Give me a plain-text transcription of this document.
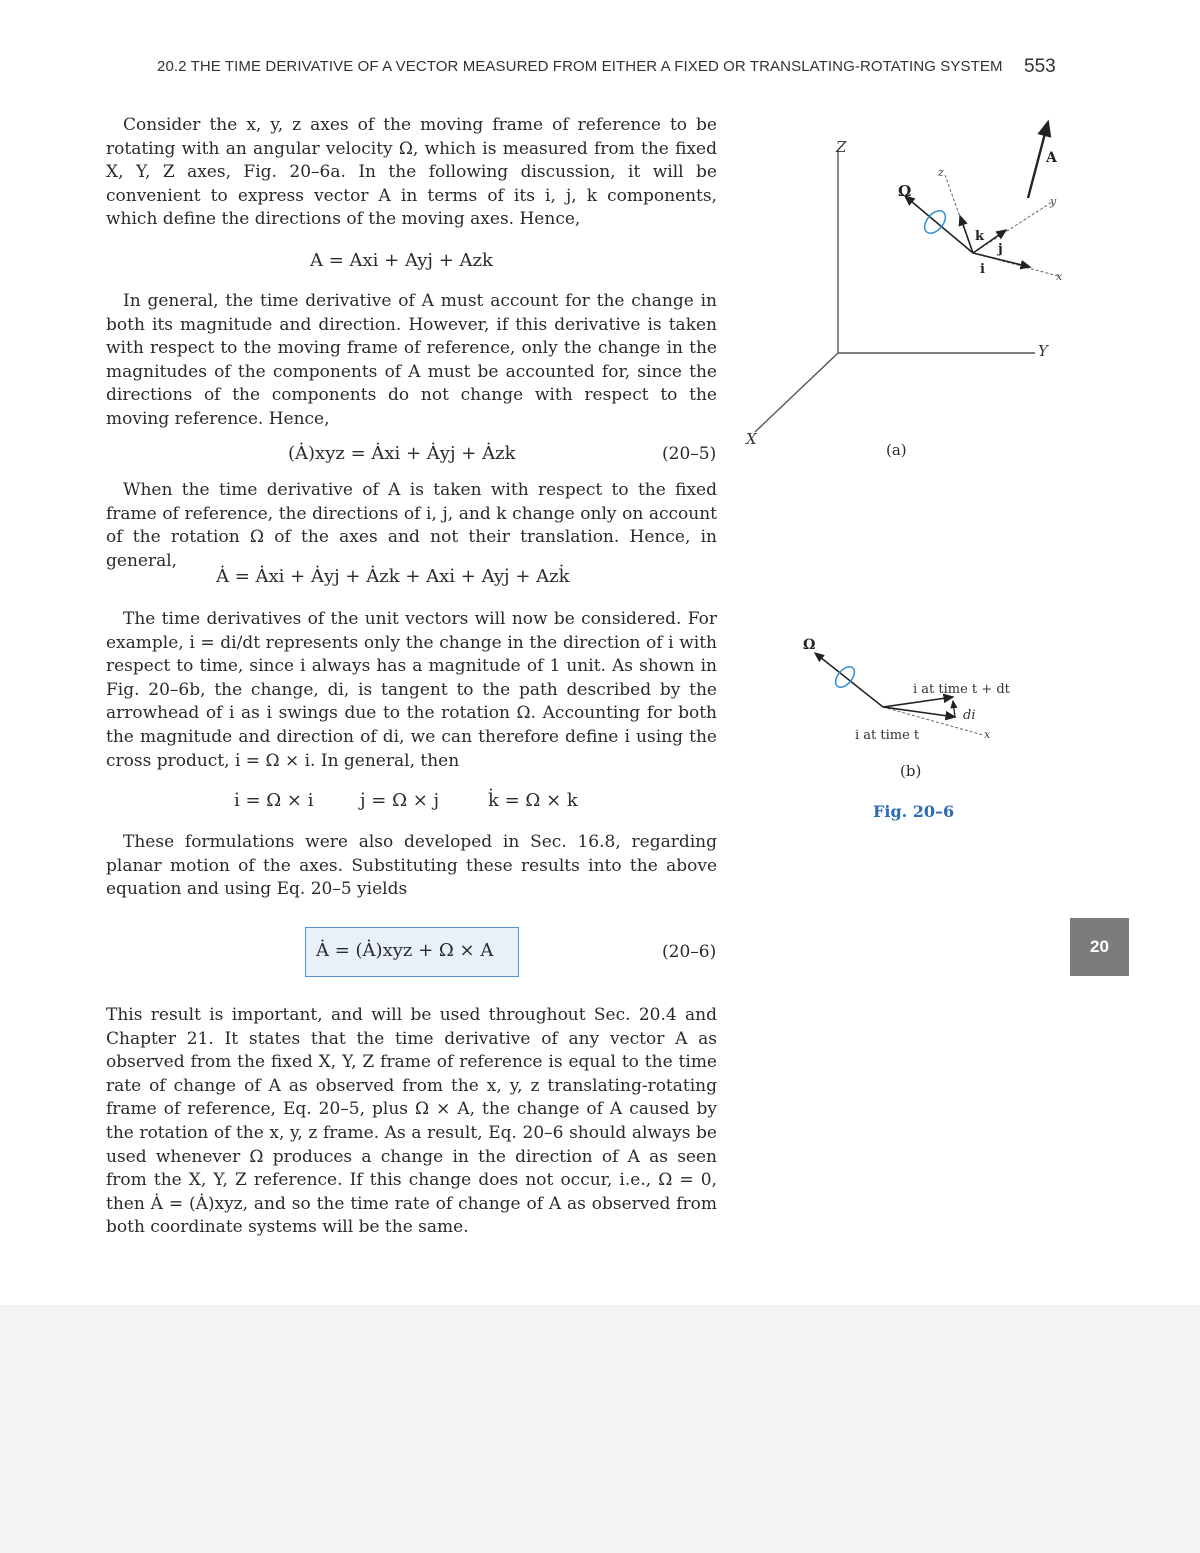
20.2 THE TIME DERIVATIVE OF A VECTOR MEASURED FROM EITHER A FIXED OR TRANSLATING-ROTATING SYSTEM 553

Consider the x, y, z axes of the moving frame of reference to be rotating with an angular velocity Ω, which is measured from the fixed X, Y, Z axes, Fig. 20–6a. In the following discussion, it will be convenient to express vector A in terms of its i, j, k components, which define the directions of the moving axes. Hence,

A = Axi + Ayj + Azk

In general, the time derivative of A must account for the change in both its magnitude and direction. However, if this derivative is taken with respect to the moving frame of reference, only the change in the magnitudes of the components of A must be accounted for, since the directions of the components do not change with respect to the moving reference. Hence,

(Ȧ)xyz = Ȧxi + Ȧyj + Ȧzk	(20–5)

When the time derivative of A is taken with respect to the fixed frame of reference, the directions of i, j, and k change only on account of the rotation Ω of the axes and not their translation. Hence, in general,

Ȧ = Ȧxi + Ȧyj + Ȧzk + Axi̇ + Ayj̇ + Azk̇

The time derivatives of the unit vectors will now be considered. For example, i̇ = di/dt represents only the change in the direction of i with respect to time, since i always has a magnitude of 1 unit. As shown in Fig. 20–6b, the change, di, is tangent to the path described by the arrowhead of i as i swings due to the rotation Ω. Accounting for both the magnitude and direction of di, we can therefore define i̇ using the cross product, i̇ = Ω × i. In general, then

i̇ = Ω × i	j̇ = Ω × j	k̇ = Ω × k

These formulations were also developed in Sec. 16.8, regarding planar motion of the axes. Substituting these results into the above equation and using Eq. 20–5 yields

Ȧ = (Ȧ)xyz + Ω × A	(20–6)

This result is important, and will be used throughout Sec. 20.4 and Chapter 21. It states that the time derivative of any vector A as observed from the fixed X, Y, Z frame of reference is equal to the time rate of change of A as observed from the x, y, z translating-rotating frame of reference, Eq. 20–5, plus Ω × A, the change of A caused by the rotation of the x, y, z frame. As a result, Eq. 20–6 should always be used whenever Ω produces a change in the direction of A as seen from the X, Y, Z reference. If this change does not occur, i.e., Ω = 0, then Ȧ = (Ȧ)xyz, and so the time rate of change of A as observed from both coordinate systems will be the same.

Z
Y
X
z
y
x
k
j
i
Ω
A
(a)
Ω
x
i at time t + dt
di
i at time t
(b)
Fig. 20–6
20
